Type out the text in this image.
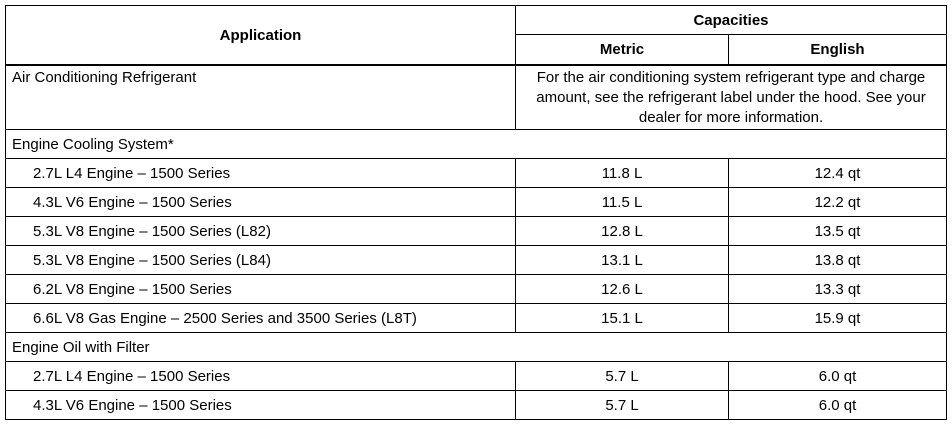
Application	Capacities	
	Metric	English
Air Conditioning Refrigerant	For the air conditioning system refrigerant type and charge amount, see the refrigerant label under the hood. See your dealer for more information.	
Engine Cooling System*		
2.7L L4 Engine – 1500 Series	11.8 L	12.4 qt
4.3L V6 Engine – 1500 Series	11.5 L	12.2 qt
5.3L V8 Engine – 1500 Series (L82)	12.8 L	13.5 qt
5.3L V8 Engine – 1500 Series (L84)	13.1 L	13.8 qt
6.2L V8 Engine – 1500 Series	12.6 L	13.3 qt
6.6L V8 Gas Engine – 2500 Series and 3500 Series (L8T)	15.1 L	15.9 qt
Engine Oil with Filter		
2.7L L4 Engine – 1500 Series	5.7 L	6.0 qt
4.3L V6 Engine – 1500 Series	5.7 L	6.0 qt
